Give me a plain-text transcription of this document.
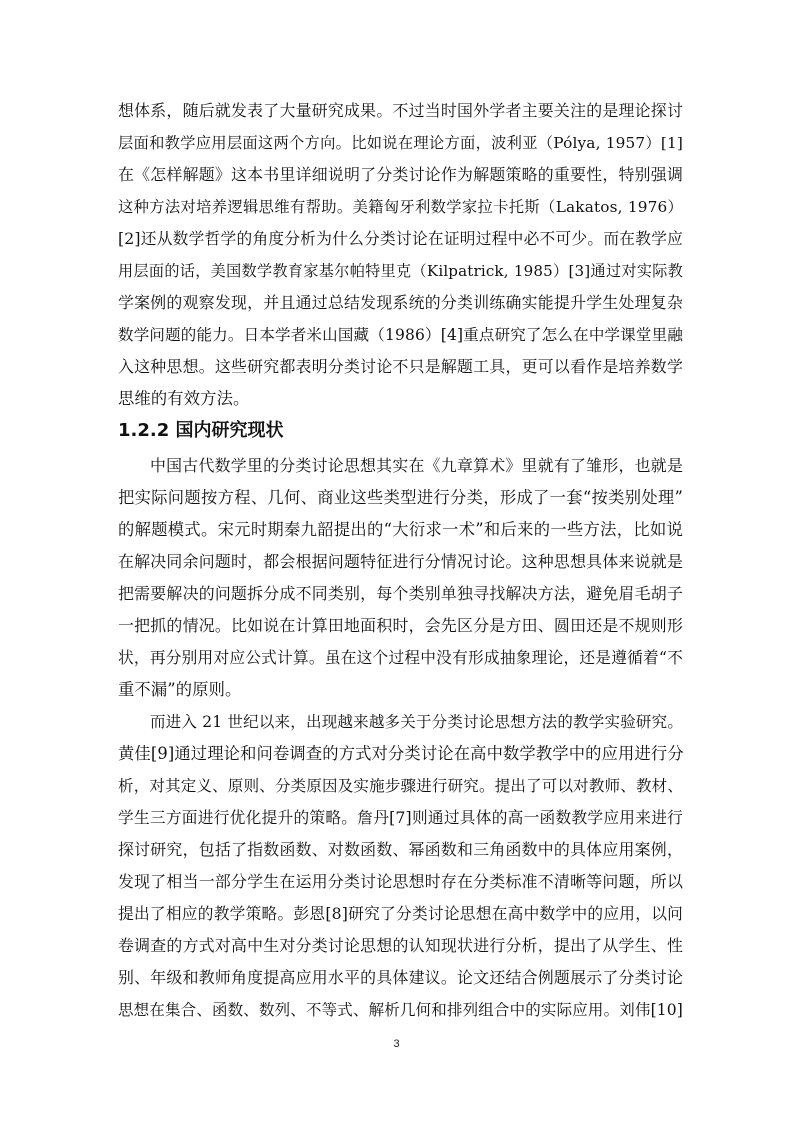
想体系，随后就发表了大量研究成果。不过当时国外学者主要关注的是理论探讨
层面和教学应用层面这两个方向。比如说在理论方面，波利亚（Pólya, 1957）[1]
在《怎样解题》这本书里详细说明了分类讨论作为解题策略的重要性，特别强调
这种方法对培养逻辑思维有帮助。美籍匈牙利数学家拉卡托斯（Lakatos, 1976）
[2]还从数学哲学的角度分析为什么分类讨论在证明过程中必不可少。而在教学应
用层面的话，美国数学教育家基尔帕特里克（Kilpatrick, 1985）[3]通过对实际教
学案例的观察发现，并且通过总结发现系统的分类训练确实能提升学生处理复杂
数学问题的能力。日本学者米山国藏（1986）[4]重点研究了怎么在中学课堂里融
入这种思想。这些研究都表明分类讨论不只是解题工具，更可以看作是培养数学
思维的有效方法。
1.2.2 国内研究现状
中国古代数学里的分类讨论思想其实在《九章算术》里就有了雏形，也就是
把实际问题按方程、几何、商业这些类型进行分类，形成了一套“按类别处理”
的解题模式。宋元时期秦九韶提出的“大衍求一术”和后来的一些方法，比如说
在解决同余问题时，都会根据问题特征进行分情况讨论。这种思想具体来说就是
把需要解决的问题拆分成不同类别，每个类别单独寻找解决方法，避免眉毛胡子
一把抓的情况。比如说在计算田地面积时，会先区分是方田、圆田还是不规则形
状，再分别用对应公式计算。虽在这个过程中没有形成抽象理论，还是遵循着“不
重不漏”的原则。
而进入 21 世纪以来，出现越来越多关于分类讨论思想方法的教学实验研究。
黄佳[9]通过理论和问卷调查的方式对分类讨论在高中数学教学中的应用进行分
析，对其定义、原则、分类原因及实施步骤进行研究。提出了可以对教师、教材、
学生三方面进行优化提升的策略。詹丹[7]则通过具体的高一函数教学应用来进行
探讨研究，包括了指数函数、对数函数、幂函数和三角函数中的具体应用案例，
发现了相当一部分学生在运用分类讨论思想时存在分类标准不清晰等问题，所以
提出了相应的教学策略。彭恩[8]研究了分类讨论思想在高中数学中的应用，以问
卷调查的方式对高中生对分类讨论思想的认知现状进行分析，提出了从学生、性
别、年级和教师角度提高应用水平的具体建议。论文还结合例题展示了分类讨论
思想在集合、函数、数列、不等式、解析几何和排列组合中的实际应用。刘伟[10]
3
